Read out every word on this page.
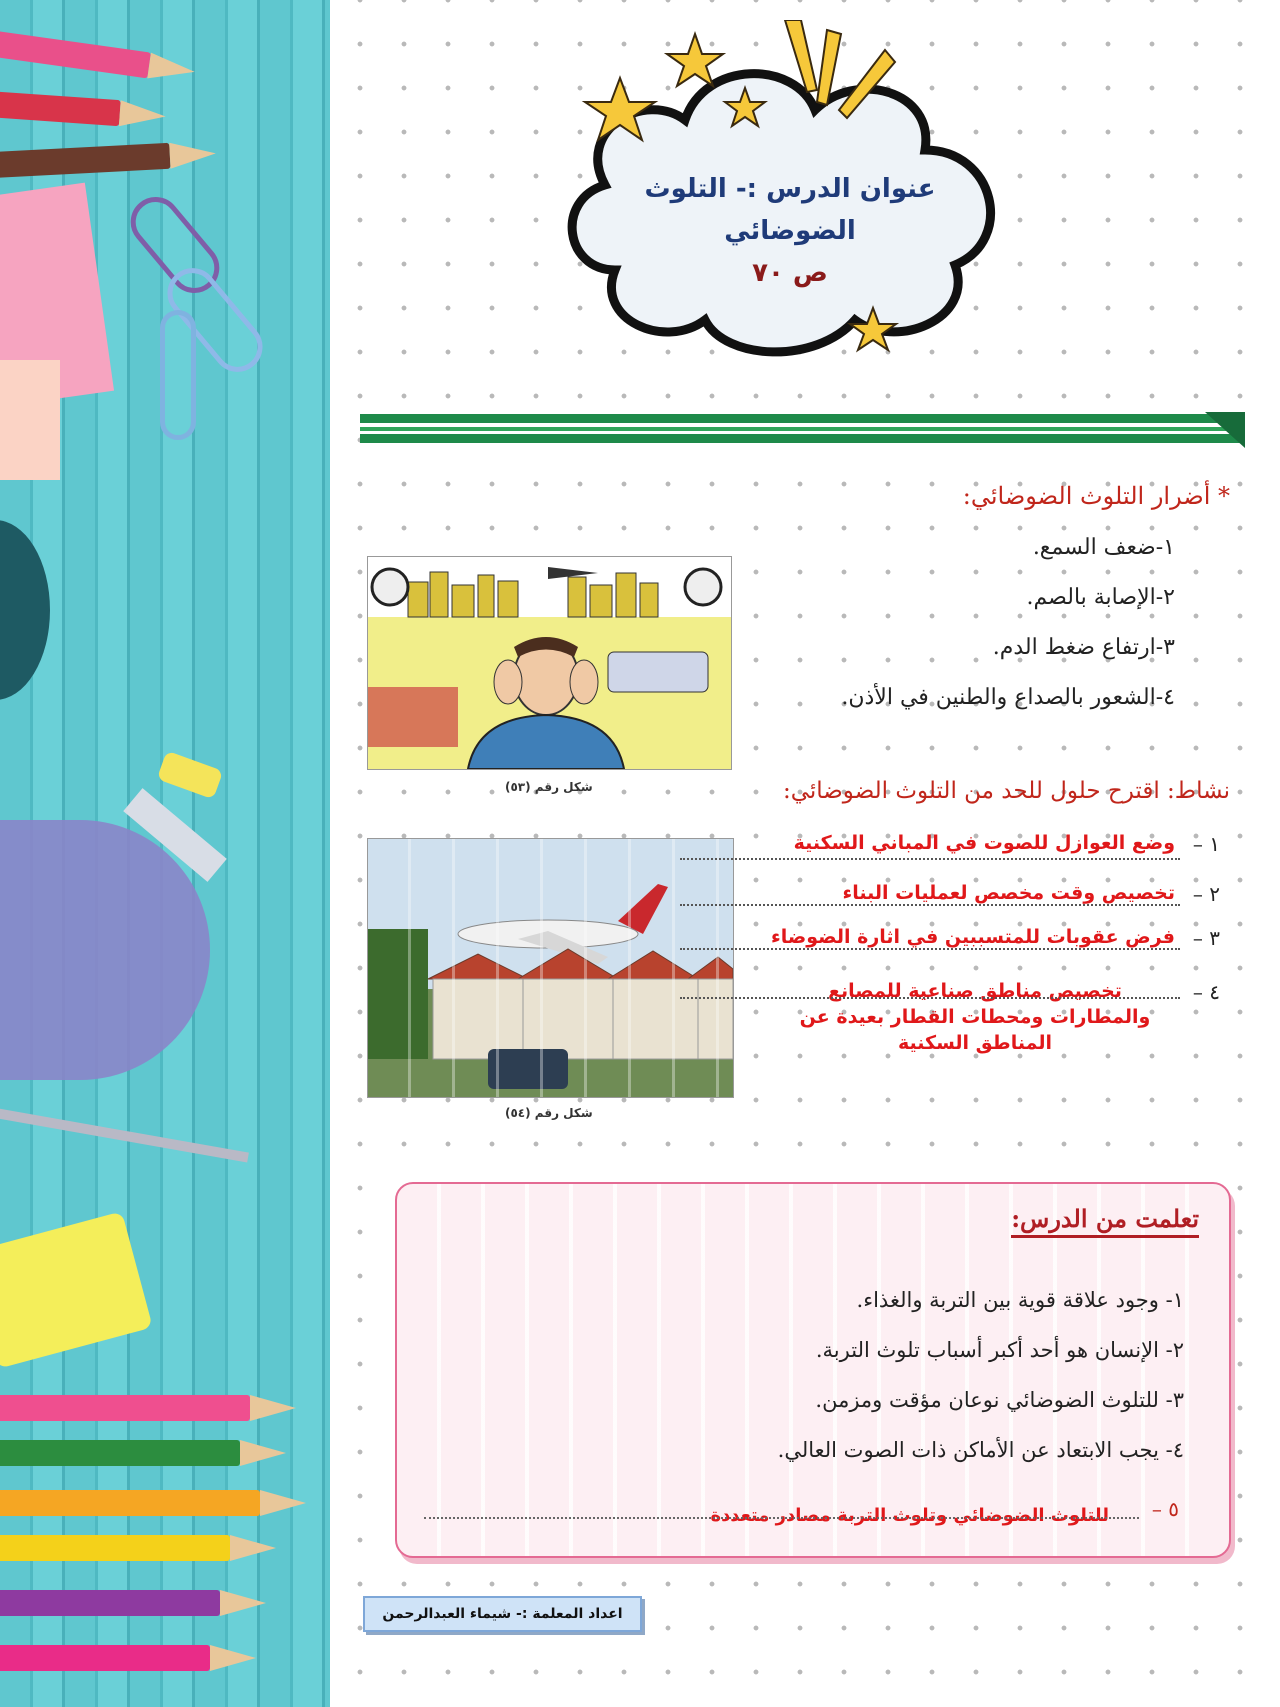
عنوان الدرس :- التلوث
الضوضائي
ص ٧٠
* أضرار التلوث الضوضائي:
١-ضعف السمع.
٢-الإصابة بالصم.
٣-ارتفاع ضغط الدم.
٤-الشعور بالصداع والطنين في الأذن.
شكل رقم (٥٣)
شكل رقم (٥٤)
نشاط: اقترح حلول للحد من التلوث الضوضائي:
١ –
وضع العوازل للصوت في المباني السكنية
٢ –
تخصيص وقت مخصص لعمليات البناء
٣ –
فرض عقوبات للمتسببين في اثارة الضوضاء
٤ –
تخصيص مناطق صناعية للمصانع والمطارات ومحطات القطار بعيدة عن المناطق السكنية
تعلمت من الدرس:
١- وجود علاقة قوية بين التربة والغذاء.
٢- الإنسان هو أحد أكبر أسباب تلوث التربة.
٣- للتلوث الضوضائي نوعان مؤقت ومزمن.
٤- يجب الابتعاد عن الأماكن ذات الصوت العالي.
٥ –
للتلوث الضوضائي وتلوث التربة مصادر متعددة
اعداد المعلمة :- شيماء العبدالرحمن
